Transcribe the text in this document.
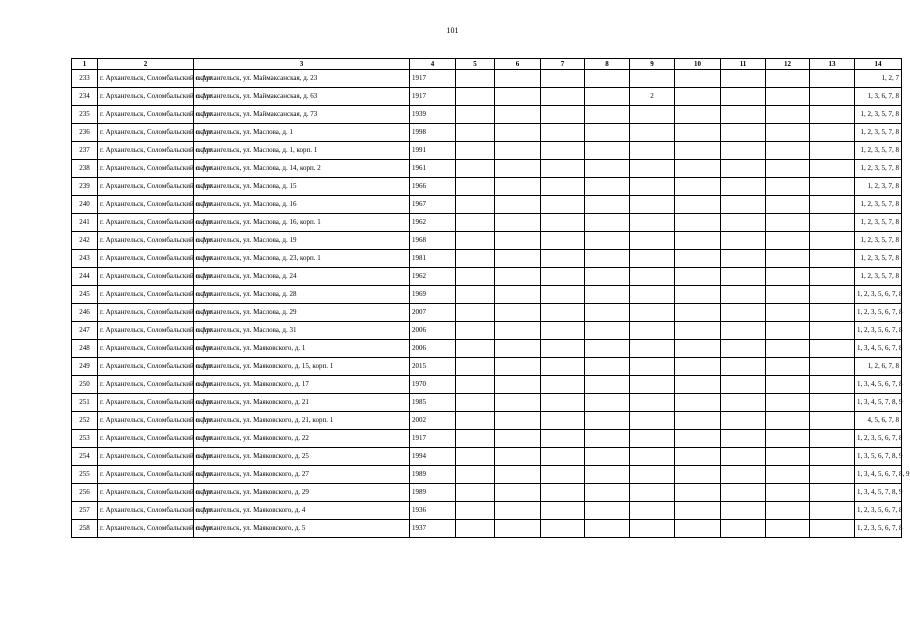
101
1	2	3	4	5	6	7	8	9	10	11	12	13	14
233	г. Архангельск, Соломбальский округ	г. Архангельск, ул. Маймаксанская, д. 23	1917										1, 2, 7
234	г. Архангельск, Соломбальский округ	г. Архангельск, ул. Маймаксанская, д. 63	1917					2					1, 3, 6, 7, 8
235	г. Архангельск, Соломбальский округ	г. Архангельск, ул. Маймаксанская, д. 73	1939										1, 2, 3, 5, 7, 8
236	г. Архангельск, Соломбальский округ	г. Архангельск, ул. Маслова, д. 1	1998										1, 2, 3, 5, 7, 8
237	г. Архангельск, Соломбальский округ	г. Архангельск, ул. Маслова, д. 1, корп. 1	1991										1, 2, 3, 5, 7, 8
238	г. Архангельск, Соломбальский округ	г. Архангельск, ул. Маслова, д. 14, корп. 2	1961										1, 2, 3, 5, 7, 8
239	г. Архангельск, Соломбальский округ	г. Архангельск, ул. Маслова, д. 15	1966										1, 2, 3, 7, 8
240	г. Архангельск, Соломбальский округ	г. Архангельск, ул. Маслова, д. 16	1967										1, 2, 3, 5, 7, 8
241	г. Архангельск, Соломбальский округ	г. Архангельск, ул. Маслова, д. 16, корп. 1	1962										1, 2, 3, 5, 7, 8
242	г. Архангельск, Соломбальский округ	г. Архангельск, ул. Маслова, д. 19	1968										1, 2, 3, 5, 7, 8
243	г. Архангельск, Соломбальский округ	г. Архангельск, ул. Маслова, д. 23, корп. 1	1981										1, 2, 3, 5, 7, 8
244	г. Архангельск, Соломбальский округ	г. Архангельск, ул. Маслова, д. 24	1962										1, 2, 3, 5, 7, 8
245	г. Архангельск, Соломбальский округ	г. Архангельск, ул. Маслова, д. 28	1969										1, 2, 3, 5, 6, 7, 8
246	г. Архангельск, Соломбальский округ	г. Архангельск, ул. Маслова, д. 29	2007										1, 2, 3, 5, 6, 7, 8
247	г. Архангельск, Соломбальский округ	г. Архангельск, ул. Маслова, д. 31	2006										1, 2, 3, 5, 6, 7, 8
248	г. Архангельск, Соломбальский округ	г. Архангельск, ул. Маяковского, д. 1	2006										1, 3, 4, 5, 6, 7, 8
249	г. Архангельск, Соломбальский округ	г. Архангельск, ул. Маяковского, д. 15, корп. 1	2015										1, 2, 6, 7, 8
250	г. Архангельск, Соломбальский округ	г. Архангельск, ул. Маяковского, д. 17	1970										1, 3, 4, 5, 6, 7, 8
251	г. Архангельск, Соломбальский округ	г. Архангельск, ул. Маяковского, д. 21	1985										1, 3, 4, 5, 7, 8, 9
252	г. Архангельск, Соломбальский округ	г. Архангельск, ул. Маяковского, д. 21, корп. 1	2002										4, 5, 6, 7, 8
253	г. Архангельск, Соломбальский округ	г. Архангельск, ул. Маяковского, д. 22	1917										1, 2, 3, 5, 6, 7, 8
254	г. Архангельск, Соломбальский округ	г. Архангельск, ул. Маяковского, д. 25	1994										1, 3, 5, 6, 7, 8, 9
255	г. Архангельск, Соломбальский округ	г. Архангельск, ул. Маяковского, д. 27	1989										1, 3, 4, 5, 6, 7, 8, 9
256	г. Архангельск, Соломбальский округ	г. Архангельск, ул. Маяковского, д. 29	1989										1, 3, 4, 5, 7, 8, 9
257	г. Архангельск, Соломбальский округ	г. Архангельск, ул. Маяковского, д. 4	1936										1, 2, 3, 5, 6, 7, 8
258	г. Архангельск, Соломбальский округ	г. Архангельск, ул. Маяковского, д. 5	1937										1, 2, 3, 5, 6, 7, 8
